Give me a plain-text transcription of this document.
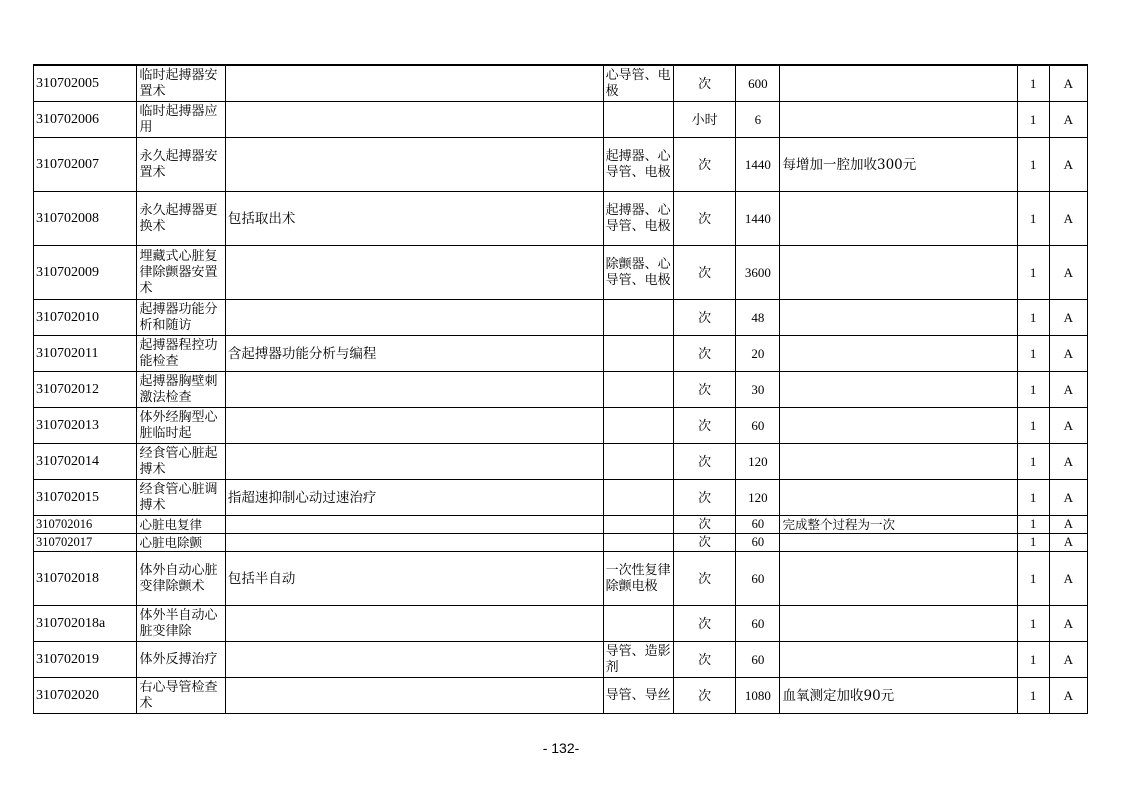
310702005	临时起搏器安置术		心导管、电极	次	600		1	A
310702006	临时起搏器应用			小时	6		1	A
310702007	永久起搏器安置术		起搏器、心导管、电极	次	1440	每增加一腔加收300元	1	A
310702008	永久起搏器更换术	包括取出术	起搏器、心导管、电极	次	1440		1	A
310702009	埋藏式心脏复律除颤器安置术		除颤器、心导管、电极	次	3600		1	A
310702010	起搏器功能分析和随访			次	48		1	A
310702011	起搏器程控功能检查	含起搏器功能分析与编程		次	20		1	A
310702012	起搏器胸壁刺激法检查			次	30		1	A
310702013	体外经胸型心脏临时起			次	60		1	A
310702014	经食管心脏起搏术			次	120		1	A
310702015	经食管心脏调搏术	指超速抑制心动过速治疗		次	120		1	A
310702016	心脏电复律			次	60	完成整个过程为一次	1	A
310702017	心脏电除颤			次	60		1	A
310702018	体外自动心脏变律除颤术	包括半自动	一次性复律除颤电极	次	60		1	A
310702018a	体外半自动心脏变律除			次	60		1	A
310702019	体外反搏治疗		导管、造影剂	次	60		1	A
310702020	右心导管检查术		导管、导丝	次	1080	血氧测定加收90元	1	A
- 132-
